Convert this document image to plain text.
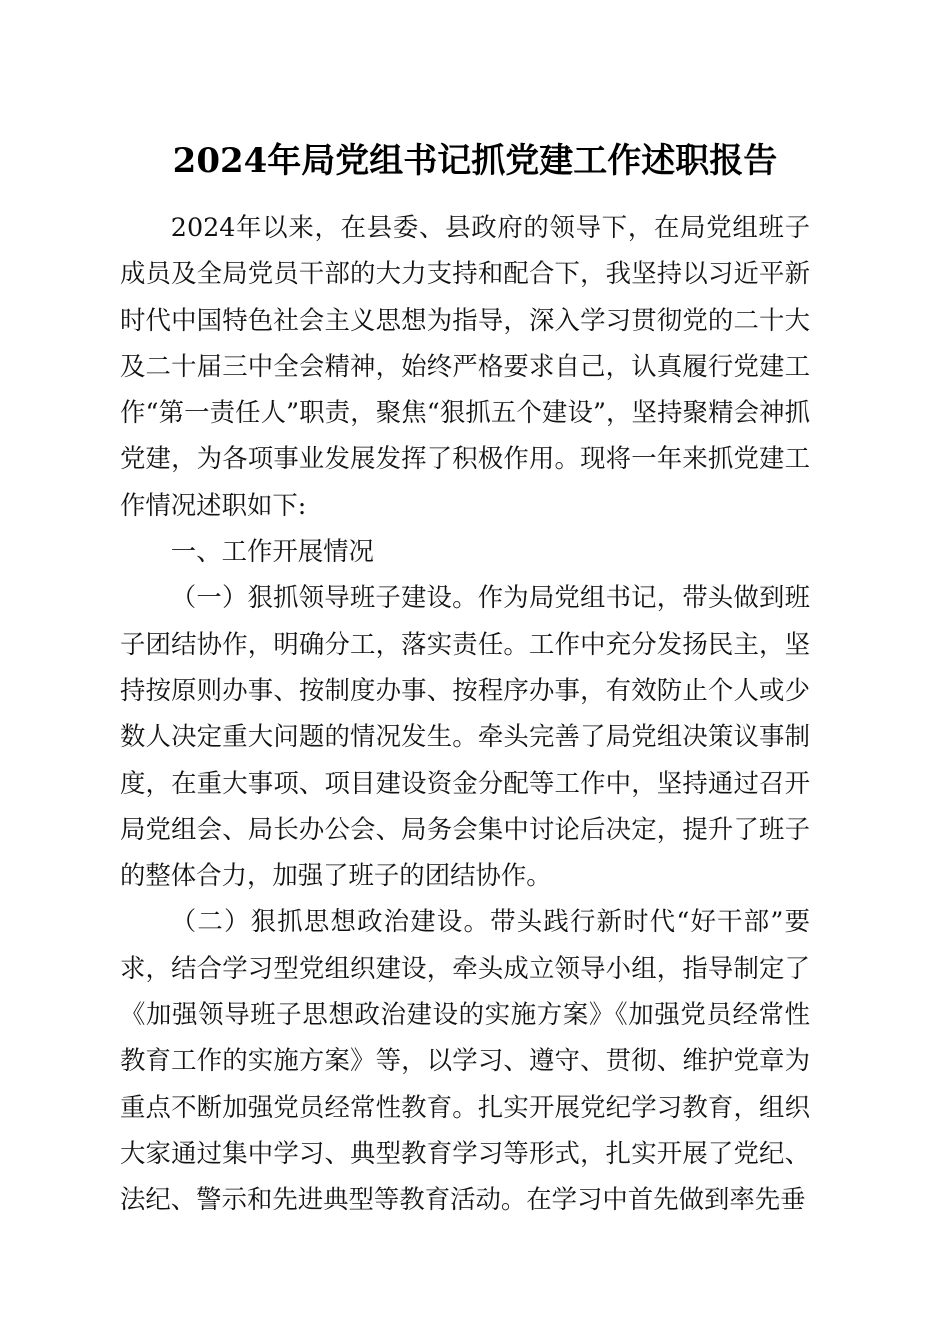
2024年局党组书记抓党建工作述职报告

2024年以来，在县委、县政府的领导下，在局党组班子成员及全局党员干部的大力支持和配合下，我坚持以习近平新时代中国特色社会主义思想为指导，深入学习贯彻党的二十大及二十届三中全会精神，始终严格要求自己，认真履行党建工作“第一责任人”职责，聚焦“狠抓五个建设”，坚持聚精会神抓党建，为各项事业发展发挥了积极作用。现将一年来抓党建工作情况述职如下:

一、工作开展情况

（一）狠抓领导班子建设。作为局党组书记，带头做到班子团结协作，明确分工，落实责任。工作中充分发扬民主，坚持按原则办事、按制度办事、按程序办事，有效防止个人或少数人决定重大问题的情况发生。牵头完善了局党组决策议事制度，在重大事项、项目建设资金分配等工作中，坚持通过召开局党组会、局长办公会、局务会集中讨论后决定，提升了班子的整体合力，加强了班子的团结协作。

（二）狠抓思想政治建设。带头践行新时代“好干部”要求，结合学习型党组织建设，牵头成立领导小组，指导制定了《加强领导班子思想政治建设的实施方案》《加强党员经常性教育工作的实施方案》等，以学习、遵守、贯彻、维护党章为重点不断加强党员经常性教育。扎实开展党纪学习教育，组织大家通过集中学习、典型教育学习等形式，扎实开展了党纪、法纪、警示和先进典型等教育活动。在学习中首先做到率先垂
